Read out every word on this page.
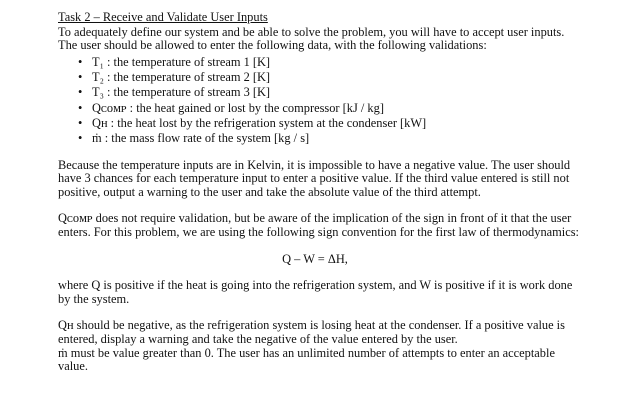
Task 2 – Receive and Validate User Inputs

To adequately define our system and be able to solve the problem, you will have to accept user inputs.
The user should be allowed to enter the following data, with the following validations:

• T₁ : the temperature of stream 1 [K]
• T₂ : the temperature of stream 2 [K]
• T₃ : the temperature of stream 3 [K]
• Qᴄᴏᴍᴘ : the heat gained or lost by the compressor [kJ / kg]
• Qʜ : the heat lost by the refrigeration system at the condenser [kW]
• ṁ : the mass flow rate of the system [kg / s]

Because the temperature inputs are in Kelvin, it is impossible to have a negative value. The user should
have 3 chances for each temperature input to enter a positive value. If the third value entered is still not
positive, output a warning to the user and take the absolute value of the third attempt.

Qᴄᴏᴍᴘ does not require validation, but be aware of the implication of the sign in front of it that the user
enters. For this problem, we are using the following sign convention for the first law of thermodynamics:

Q – W = ΔH,

where Q is positive if the heat is going into the refrigeration system, and W is positive if it is work done
by the system.

Qʜ should be negative, as the refrigeration system is losing heat at the condenser. If a positive value is
entered, display a warning and take the negative of the value entered by the user.
ṁ must be value greater than 0. The user has an unlimited number of attempts to enter an acceptable
value.
